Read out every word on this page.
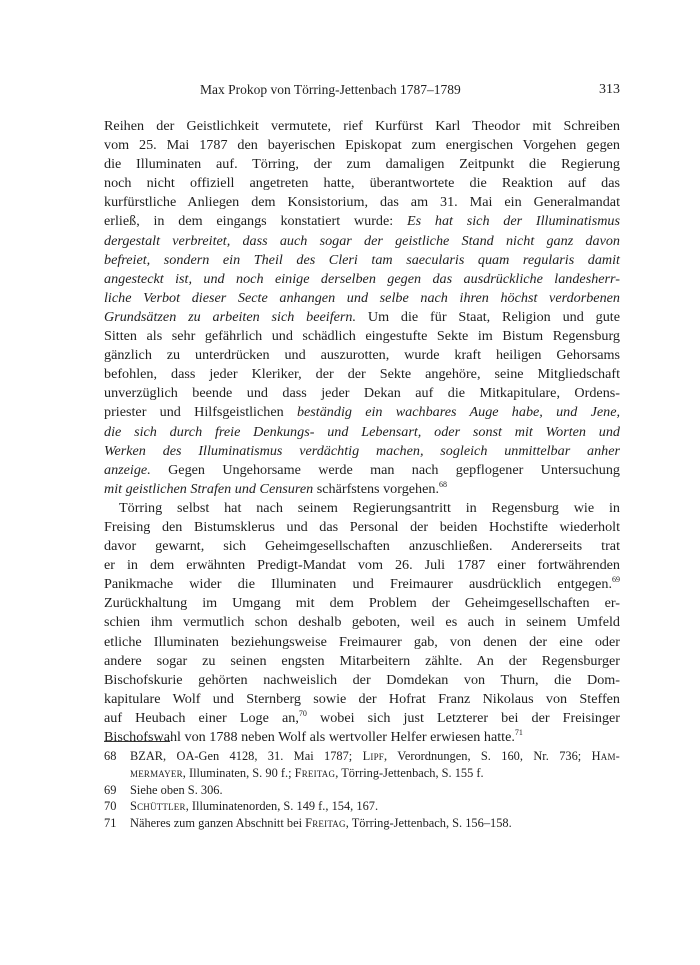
Max Prokop von Törring-Jettenbach 1787–1789	313
Reihen der Geistlichkeit vermutete, rief Kurfürst Karl Theodor mit Schreiben
vom 25. Mai 1787 den bayerischen Episkopat zum energischen Vorgehen gegen
die Illuminaten auf. Törring, der zum damaligen Zeitpunkt die Regierung
noch nicht offiziell angetreten hatte, überantwortete die Reaktion auf das
kurfürstliche Anliegen dem Konsistorium, das am 31. Mai ein Generalmandat
erließ, in dem eingangs konstatiert wurde: Es hat sich der Illuminatismus
dergestalt verbreitet, dass auch sogar der geistliche Stand nicht ganz davon
befreiet, sondern ein Theil des Cleri tam saecularis quam regularis damit
angesteckt ist, und noch einige derselben gegen das ausdrückliche landesherr-
liche Verbot dieser Secte anhangen und selbe nach ihren höchst verdorbenen
Grundsätzen zu arbeiten sich beeifern. Um die für Staat, Religion und gute
Sitten als sehr gefährlich und schädlich eingestufte Sekte im Bistum Regensburg
gänzlich zu unterdrücken und auszurotten, wurde kraft heiligen Gehorsams
befohlen, dass jeder Kleriker, der der Sekte angehöre, seine Mitgliedschaft
unverzüglich beende und dass jeder Dekan auf die Mitkapitulare, Ordens-
priester und Hilfsgeistlichen beständig ein wachbares Auge habe, und Jene,
die sich durch freie Denkungs- und Lebensart, oder sonst mit Worten und
Werken des Illuminatismus verdächtig machen, sogleich unmittelbar anher
anzeige. Gegen Ungehorsame werde man nach gepflogener Untersuchung
mit geistlichen Strafen und Censuren schärfstens vorgehen.$^{68}$
Törring selbst hat nach seinem Regierungsantritt in Regensburg wie in
Freising den Bistumsklerus und das Personal der beiden Hochstifte wiederholt
davor gewarnt, sich Geheimgesellschaften anzuschließen. Andererseits trat
er in dem erwähnten Predigt-Mandat vom 26. Juli 1787 einer fortwährenden
Panikmache wider die Illuminaten und Freimaurer ausdrücklich entgegen.$^{69}$
Zurückhaltung im Umgang mit dem Problem der Geheimgesellschaften er-
schien ihm vermutlich schon deshalb geboten, weil es auch in seinem Umfeld
etliche Illuminaten beziehungsweise Freimaurer gab, von denen der eine oder
andere sogar zu seinen engsten Mitarbeitern zählte. An der Regensburger
Bischofskurie gehörten nachweislich der Domdekan von Thurn, die Dom-
kapitulare Wolf und Sternberg sowie der Hofrat Franz Nikolaus von Steffen
auf Heubach einer Loge an,$^{70}$ wobei sich just Letzterer bei der Freisinger
Bischofswahl von 1788 neben Wolf als wertvoller Helfer erwiesen hatte.$^{71}$
68 BZAR, OA-Gen 4128, 31. Mai 1787; Lipf, Verordnungen, S. 160, Nr. 736; Ham-
mermayer, Illuminaten, S. 90 f.; Freitag, Törring-Jettenbach, S. 155 f.
69 Siehe oben S. 306.
70 Schüttler, Illuminatenorden, S. 149 f., 154, 167.
71 Näheres zum ganzen Abschnitt bei Freitag, Törring-Jettenbach, S. 156–158.
